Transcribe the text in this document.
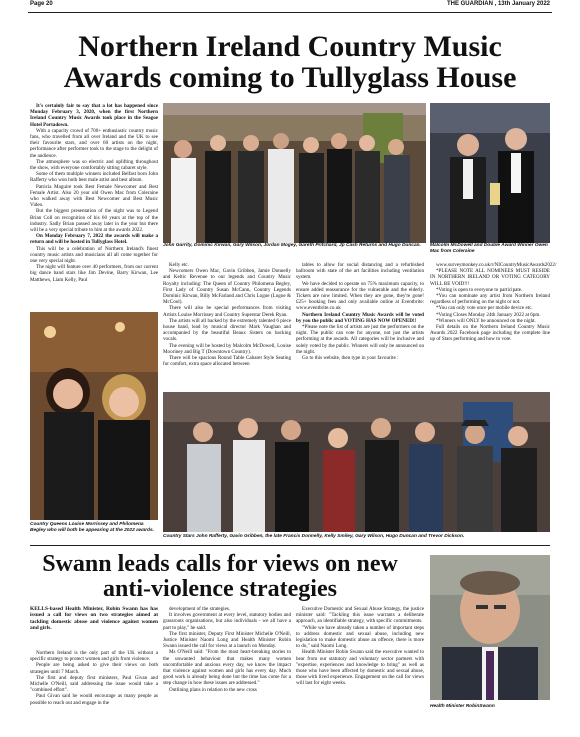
Page 20	THE GUARDIAN , 13th January 2022
Northern Ireland Country Music Awards coming to Tullyglass House

It's certainly fair to say that a lot has happened since Monday February 3, 2020, when the first Northern Ireland Country Music Awards took place in the Seagoe Hotel Portadown.

With a capacity crowd of 700+ enthusiastic country music fans, who travelled from all over Ireland and the UK to see their favourite stars, and over 60 artists on the night, performance after performer took to the stage to the delight of the audience.

The atmosphere was so electric and uplifting throughout the show, with everyone comfortably sitting cabaret style.

Some of them multiple winners included Belfast born John Rafferty who won both best male artist and best album.

Patricia Maguire took Best Female Newcomer and Best Female Artist. Also 20 year old Owen Mac from Coleraine who walked away with Best Newcomer and Best Music Video.

But the biggest presentation of the night was to Legend Brian Coll on recognition of his 60 years at the top of the industry. Sadly Brian passed away later in the year but there will be a very special tribute to him at the awards 2022.

On Monday February 7, 2022 the awards will make a return and will be hosted in Tullyglass Hotel.

This will be a celebration of Northern Ireland's finest country music artists and musicians all all come together for one very special night.

The night will feature over 40 performers, from our current big dance band stars like Jim Devine, Barry Kirwan, Lee Matthews, Liam Kelly, Paul

John Garrity, Dominic Kirwan, Gary Wilson, Jordan Mogey, Gareth Pritchard, Jp Cash Returns and Hugo Duncan.	Malcolm McDowell and Double Award Winner Owen Mac from Coleraine
Country Queens Louise Morrissey and Philomena Begley who will both be appearing at the 2022 awards.

Kelly etc.

Newcomers Owen Mac, Gavin Gribben, Jamie Donnelly and Keltic Revenue to our legends and Country Music Royalty including: The Queen of Country Philomena Begley, First Lady of Country Susan McCann, Country Legends Dominic Kirwan, Billy McFarland and Chris Logue (Logue & McCool).

There will also be special performances from visiting Artists Louise Morrissey and Country Superstar Derek Ryan.

The artists will all backed by the extremely talented 6 piece house band, lead by musical director Mark Vaughan and accompanied by the beautiful Beaux Sisters on backing vocals.

The evening will be hosted by Malcolm McDowell, Louise Mooriney and Big T (Downtown Country).

There will be spacious Round Table Cabaret Style Seating for comfort, extra space allocated between

tables to allow for social distancing and a refurbished ballroom with state of the art facilities including ventilation system.

We have decided to operate on 75% maximum capacity, to ensure added reassurance for the vulnerable and the elderly. Tickets are now limited. When they are gone, they're gone! £25+ booking fees and only available online at Eventbrite: www.eventbrite.co.uk

Northern Ireland Country Music Awards will be voted by you the public and VOTING HAS NOW OPENED!!

*Please note the list of artists are just the performers on the night. The public can vote for anyone, not just the artists performing at the awards. All categories will be inclusive and solely voted by the public. Winners will only be announced on the night.

Go to this website, then type in your favourite :

www.surveymonkey.co.uk/r/NICountryMusicAwards2022/

*PLEASE NOTE ALL NOMINEES MUST RESIDE IN NORTHERN IRELAND OR VOTING CATEGORY WILL BE VOID!!!

*Voting is open to everyone to participate.

*You can nominate any artist from Northern Ireland regardless of performing on the night or not.

*You can only vote once per mobile device etc.

*Voting Closes Monday 24th January 2022 at 6pm.

*Winners will ONLY be announced on the night.

Full details on the Northern Ireland Country Music Awards 2022 Facebook page including the complete line up of Stars performing and how to vote.

Country Stars John Rafferty, Gavin Gribben, the late Francis Donnelly, Kelly Smiley, Gary Wilson, Hugo Duncan and Trevor Dickson.
Swann leads calls for views on new anti-violence strategies
KELLS-based Health Minister, Robin Swann has has issued a call for views on two strategies aimed at tackling domestic abuse and violence against women and girls.

Northern Ireland is the only part of the UK without a specific strategy to protect women and girls from violence.

People are being asked to give their views on both strategies until 7 March.

The first and deputy first ministers, Paul Givan and Michelle O'Neill, said addressing the issue would take a "combined effort".

Paul Givan said he would encourage as many people as possible to reach out and engage in the

development of the strategies.

It involves government at every level, statutory bodies and grassroots organisations, but also individuals - we all have a part to play," he said.

The first minister, Deputy First Minister Michelle O'Neill, Justice Minister Naomi Long and Health Minister Robin Swann issued the call for views at a launch on Monday.

Ms O'Neill said: "From the most heart-breaking stories to the unwanted behaviour that makes many women uncomfortable and anxious every day, we know the impact that violence against women and girls has every day. Much good work is already being done but the time has come for a step change in how these issues are addressed."

Outlining plans in relation to the new cross

Executive Domestic and Sexual Abuse Strategy, the justice minister said: "Tackling this issue warrants a deliberate approach, an identifiable strategy, with specific commitments.

"While we have already taken a number of important steps to address domestic and sexual abuse, including new legislation to make domestic abuse an offence, there is more to do," said Naomi Long.

Health Minister Robin Swann said the executive wanted to hear from our statutory and voluntary sector partners with "expertise, experiences and knowledge to bring" as well as those who have been affected by domestic and sexual abuse, those with lived experience. Engagement on the call for views will last for eight weeks.

Health Minister RobinSwann
